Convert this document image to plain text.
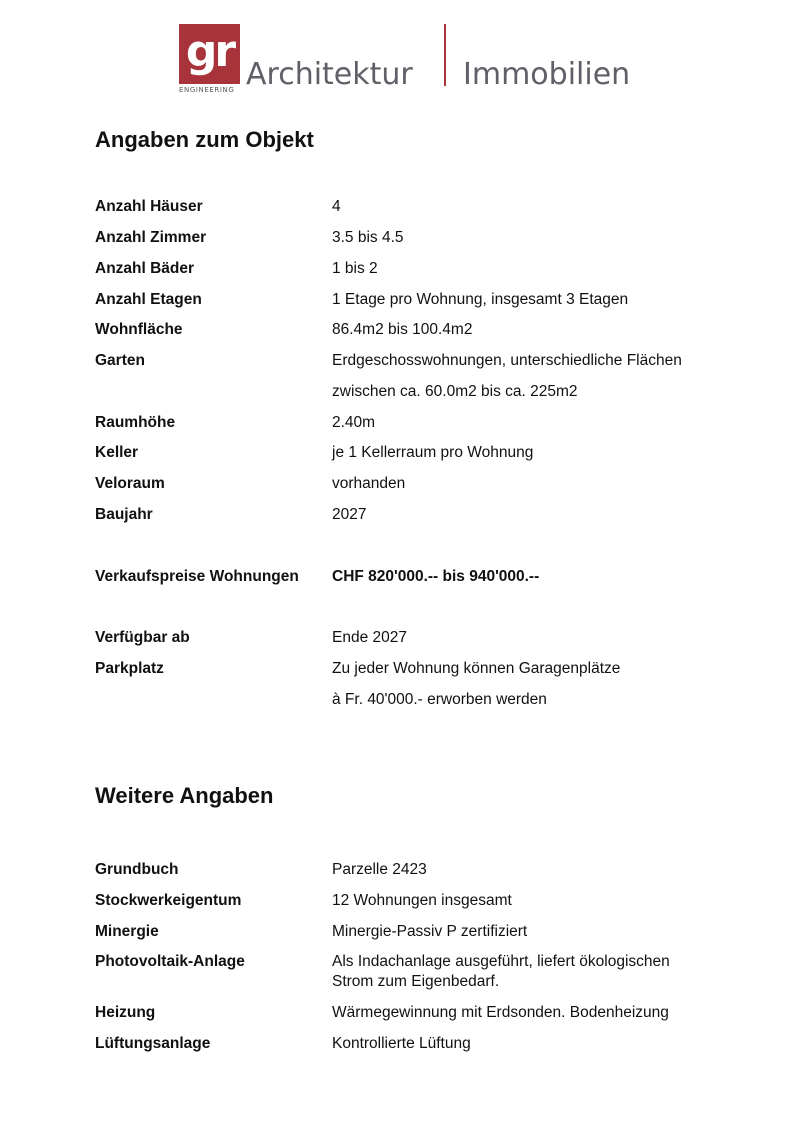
gr
ENGINEERING Architektur Immobilien
Angaben zum Objekt
Anzahl Häuser	4
Anzahl Zimmer	3.5 bis 4.5
Anzahl Bäder	1 bis 2
Anzahl Etagen	1 Etage pro Wohnung, insgesamt 3 Etagen
Wohnfläche	86.4m2 bis 100.4m2
Garten	Erdgeschosswohnungen, unterschiedliche Flächen
zwischen ca. 60.0m2 bis ca. 225m2
Raumhöhe	2.40m
Keller	je 1 Kellerraum pro Wohnung
Veloraum	vorhanden
Baujahr	2027
Verkaufspreise Wohnungen CHF 820'000.-- bis 940'000.--
Verfügbar ab	Ende 2027
Parkplatz	Zu jeder Wohnung können Garagenplätze
à Fr. 40'000.- erworben werden
Weitere Angaben
Grundbuch	Parzelle 2423
Stockwerkeigentum	12 Wohnungen insgesamt
Minergie	Minergie-Passiv P zertifiziert
Photovoltaik-Anlage	Als Indachanlage ausgeführt, liefert ökologischen
Strom zum Eigenbedarf.
Heizung	Wärmegewinnung mit Erdsonden. Bodenheizung
Lüftungsanlage	Kontrollierte Lüftung
